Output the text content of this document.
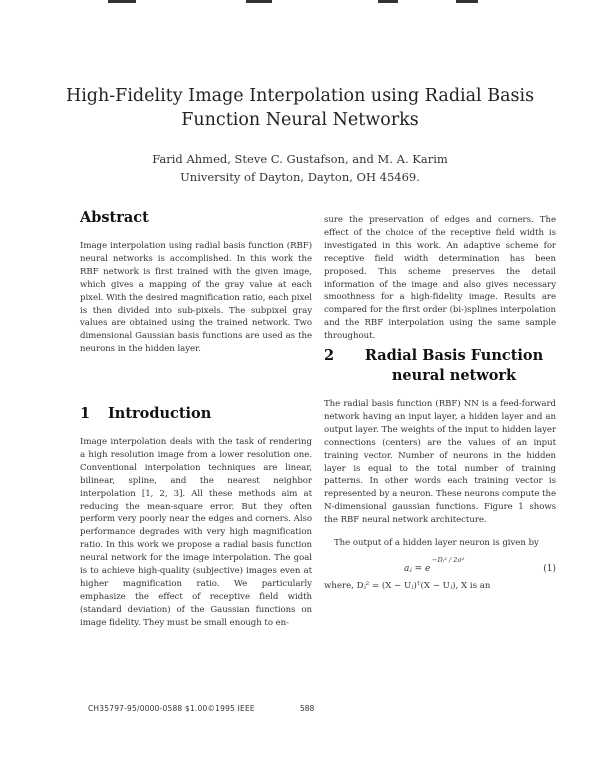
High-Fidelity Image Interpolation using Radial Basis
Function Neural Networks
Farid Ahmed, Steve C. Gustafson, and M. A. Karim
University of Dayton, Dayton, OH 45469.
Abstract

Image interpolation using radial basis function (RBF) neural networks is accomplished. In this work the RBF network is first trained with the given image, which gives a mapping of the gray value at each pixel. With the desired magnification ratio, each pixel is then divided into sub-pixels. The subpixel gray values are obtained using the trained network. Two dimensional Gaussian basis functions are used as the neurons in the hidden layer.

1 Introduction

Image interpolation deals with the task of rendering a high resolution image from a lower resolution one. Conventional interpolation techniques are linear, bilinear, spline, and the nearest neighbor interpolation [1, 2, 3]. All these methods aim at reducing the mean-square error. But they often perform very poorly near the edges and corners. Also performance degrades with very high magnification ratio. In this work we propose a radial basis function neural network for the image interpolation. The goal is to achieve high-quality (subjective) images even at higher magnification ratio. We particularly emphasize the effect of receptive field width (standard deviation) of the Gaussian functions on image fidelity. They must be small enough to en-

sure the preservation of edges and corners. The effect of the choice of the receptive field width is investigated in this work. An adaptive scheme for receptive field width determination has been proposed. This scheme preserves the detail information of the image and also gives necessary smoothness for a high-fidelity image. Results are compared for the first order (bi-)splines interpolation and the RBF interpolation using the same sample throughout.

2	Radial Basis Function
neural network

The radial basis function (RBF) NN is a feed-forward network having an input layer, a hidden layer and an output layer. The weights of the input to hidden layer connections (centers) are the values of an input training vector. Number of neurons in the hidden layer is equal to the total number of training patterns. In other words each training vector is represented by a neuron. These neurons compute the N-dimensional gaussian functions. Figure 1 shows the RBF neural network architecture.

The output of a hidden layer neuron is given by

aⱼ = e
−Dⱼ² / 2σ²
(1)
where, Dⱼ² = (X − Uⱼ)ᵀ(X − Uⱼ), X is an
CH35797-95/0000-0588 $1.00©1995 IEEE	588
